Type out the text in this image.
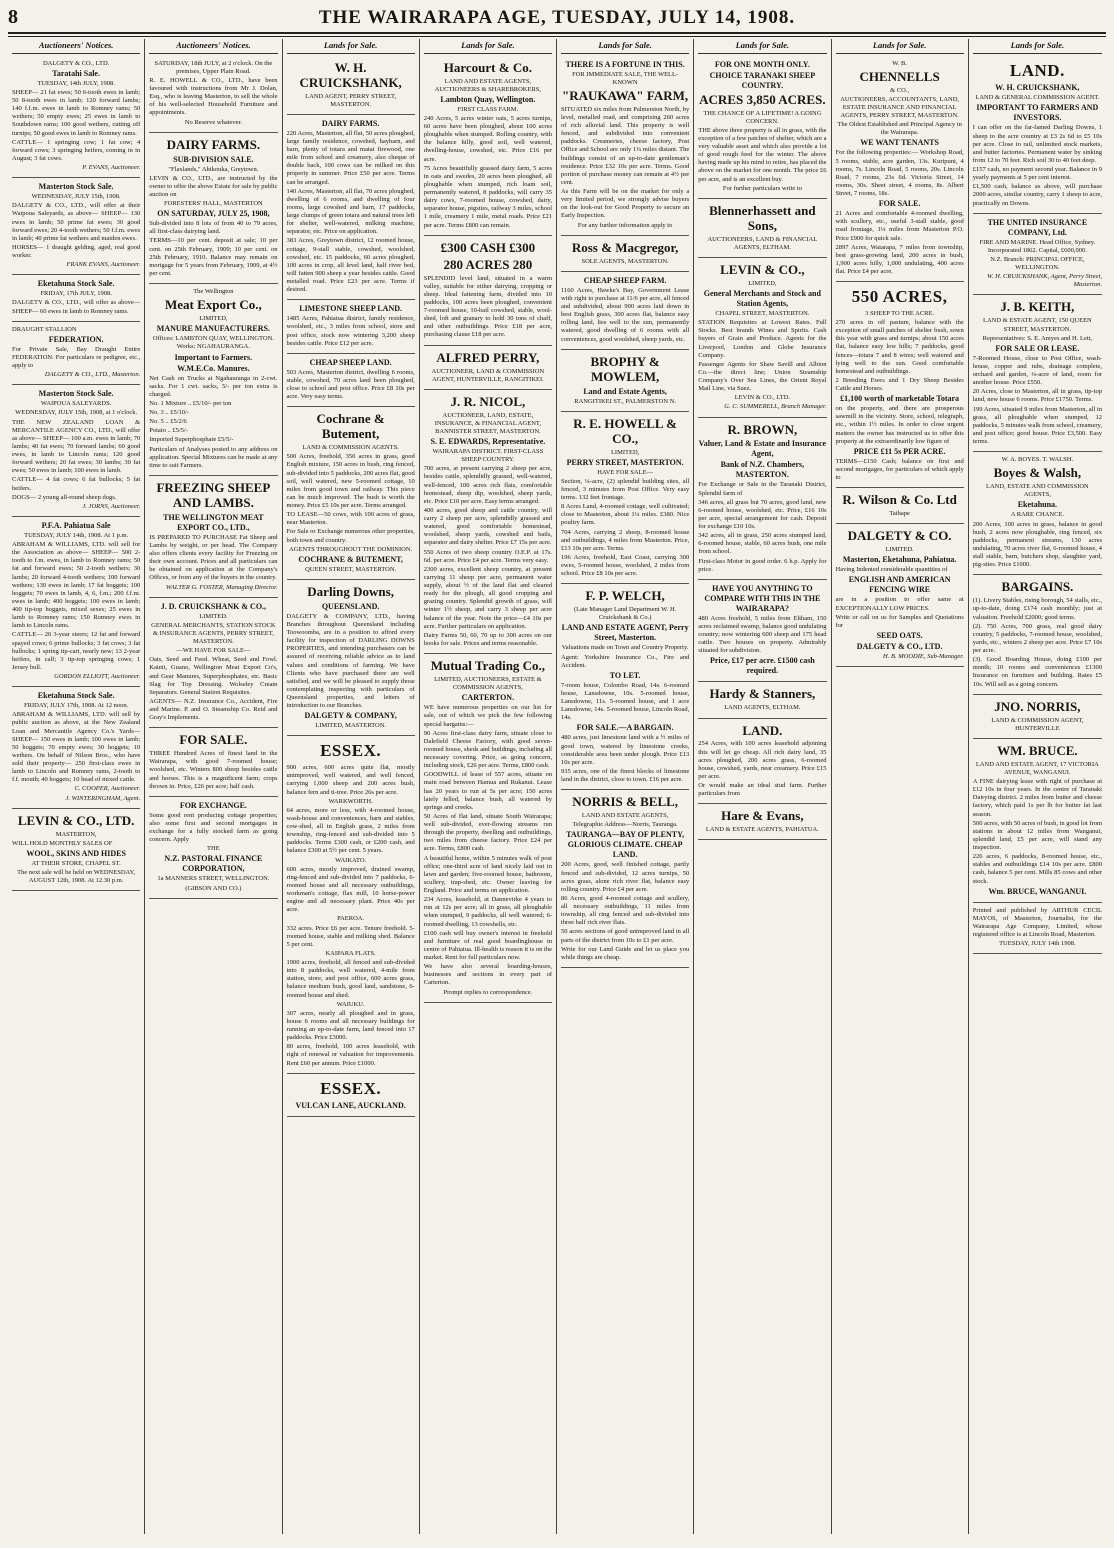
8	THE WAIRARAPA AGE, TUESDAY, JULY 14, 1908.
Auctioneers' Notices.
DALGETY & CO., LTD.
Taratahi Sale.
TUESDAY, 14th JULY, 1908.
SHEEP— 21 fat ewes; 50 6-tooth ewes in lamb; 50 8-tooth ewes in lamb; 120 forward lambs; 140 f.f.m. ewes in lamb to Romney rams; 50 wethers; 50 empty ewes; 25 ewes in lamb to Southdown rams; 100 good wethers, cutting off turnips; 50 good ewes in lamb to Romney rams.
CATTLE— 1 springing cow; 1 fat cow; 4 forward cows; 3 springing heifers, coming in in August; 3 fat cows.
P. EVANS, Auctioneer.
Masterton Stock Sale.
WEDNESDAY, JULY 15th, 1908.
DALGETY & CO., LTD., will offer at their Waipoua Saleyards, as above— SHEEP— 130 ewes in lamb; 50 prime fat ewes; 30 good forward ewes; 20 4-tooth wethers; 50 f.f.m. ewes in lamb; 40 prime fat wethers and maiden ewes.
HORSES— 1 draught gelding, aged, real good worker.
FRANK EVANS, Auctioneer.
Eketahuna Stock Sale.
FRIDAY, 17th JULY, 1908.
DALGETY & CO., LTD., will offer as above— SHEEP— 60 ewes in lamb to Romney rams.
DRAUGHT STALLION
FEDERATION.
For Private Sale, Bay Draught Entire FEDERATION. For particulars re pedigree, etc., apply to
DALGETY & CO., LTD., Masterton.
Masterton Stock Sale.
WAIPOUA SALEYARDS.
WEDNESDAY, JULY 15th, 1908, at 1 o'clock.
THE NEW ZEALAND LOAN & MERCANTILE AGENCY CO., LTD., will offer as above— SHEEP— 100 a.m. ewes in lamb; 70 lambs; 40 fat ewes; 70 forward lambs; 60 good ewes, in lamb to Lincoln rams; 120 good forward wethers; 20 fat ewes; 30 lambs; 30 fat ewes; 50 ewes in lamb; 100 ewes in lamb.
CATTLE— 4 fat cows; 6 fat bullocks; 5 fat heifers.
DOGS— 2 young all-round sheep dogs.
J. JORNS, Auctioneer.
P.F.A. Pahiatua Sale
TUESDAY, JULY 14th, 1908. At 1 p.m.
ABRAHAM & WILLIAMS, LTD. will sell for the Association as above— SHEEP— 500 2-tooth to f.m. ewes, in lamb to Romney rams; 50 fat and forward ewes; 50 2-tooth wethers; 30 lambs; 20 forward 4-tooth wethers; 100 forward wethers; 130 ewes in lamb; 17 fat hoggets; 100 hoggets; 70 ewes in lamb, 4, 6, f.m.; 200 f.f.m. ewes in lamb; 400 hoggets; 100 ewes in lamb; 400 tip-top hoggets, mixed sexes; 25 ewes in lamb to Romney rams; 150 Romney ewes in lamb to Lincoln rams.
CATTLE— 20 3-year steers; 12 fat and forward spayed cows; 6 prime bullocks; 3 fat cows; 3 fat bullocks; 1 spring tip-cart, nearly new; 13 2-year heifers, in calf; 3 tip-top springing cows; 1 Jersey bull.
GORDON ELLIOTT, Auctioneer.
Eketahuna Stock Sale.
FRIDAY, JULY 17th, 1908. At 12 noon.
ABRAHAM & WILLIAMS, LTD. will sell by public auction as above, at the New Zealand Loan and Mercantile Agency Co.'s Yards— SHEEP— 150 ewes in lamb; 100 ewes in lamb; 50 hoggets; 70 empty ewes; 30 hoggets; 10 wethers. On behalf of Nilson Bros., who have sold their property— 250 first-class ewes in lamb to Lincoln and Romney rams, 2-tooth to f.f. mouth; 40 hoggets; 10 head of mixed cattle.
C. COOPER, Auctioneer.
J. WINTERINGHAM, Agent.
LEVIN & CO., LTD.
MASTERTON,
WILL HOLD MONTHLY SALES OF
WOOL, SKINS AND HIDES
AT THEIR STORE, CHAPEL ST.
The next sale will be held on WEDNESDAY, AUGUST 12th, 1908. At 12.30 p.m.
Auctioneers' Notices.
SATURDAY, 18th JULY, at 2 o'clock. On the premises, Upper Plain Road.
R. E. HOWELL & CO., LTD., have been favoured with instructions from Mr J. Dolan, Esq., who is leaving Masterton, to sell the whole of his well-selected Household Furniture and appointments.
No Reserve whatever.
DAIRY FARMS.
SUB-DIVISION SALE.
"Flaxlands," Ahikouka, Greytown.
LEVIN & CO., LTD., are instructed by the owner to offer the above Estate for sale by public auction on
FORESTERS' HALL, MASTERTON
ON SATURDAY, JULY 25, 1908,
Sub-divided into 8 lots of from 40 to 79 acres, all first-class dairying land.
TERMS—10 per cent. deposit at sale; 10 per cent. on 25th February, 1909; 10 per cent. on 25th February, 1910. Balance may remain on mortgage for 5 years from February, 1909, at 4½ per cent.
The Wellington
Meat Export Co.,
LIMITED,
MANURE MANUFACTURERS.
Offices: LAMBTON QUAY, WELLINGTON. Works: NGAHAURANGA.
Important to Farmers.
W.M.E.Co. Manures.
Net Cash on Trucks at Ngahauranga in 2-cwt. sacks. For 1 cwt. sacks, 5/- per ton extra is charged.
No. 1 Mixture .. £5/10/- per ton
No. 3 .. £5/10/-
No. 5 .. £5/2/6
Potato .. £5/5/-
Imported Superphosphate £5/5/-
Particulars of Analyses posted to any address on application. Special Mixtures can be made at any time to suit Farmers.
FREEZING SHEEP AND LAMBS.
THE WELLINGTON MEAT EXPORT CO., LTD.,
IS PREPARED TO PURCHASE Fat Sheep and Lambs by weight, or per head. The Company also offers clients every facility for Freezing on their own account. Prices and all particulars can be obtained on application at the Company's Offices, or from any of the buyers in the country.
WALTER G. FOSTER, Managing Director.
J. D. CRUICKSHANK & CO.,
LIMITED.
GENERAL MERCHANTS, STATION STOCK & INSURANCE AGENTS, PERRY STREET, MASTERTON.
—WE HAVE FOR SALE—
Oats, Seed and Feed. Wheat, Seed and Fowl. Kainit, Guano, Wellington Meat Export Co's, and Gear Manures, Superphosphates, etc. Basic Slag for Top Dressing. Wolseley Cream Separators. General Station Requisites.
AGENTS— N.Z. Insurance Co., Accident, Fire and Marine. P. and O. Steamship Co. Reid and Gray's Implements.
FOR SALE.
THREE Hundred Acres of finest land in the Wairarapa, with good 7-roomed house; woolshed, etc. Winters 800 sheep besides cattle and horses. This is a magnificent farm; crops thrown in. Price, £26 per acre; half cash.
FOR EXCHANGE.
Some good rent producing cottage properties; also some first and second mortgages in exchange for a fully stocked farm as going concern. Apply
THE
N.Z. PASTORAL FINANCE CORPORATION,
1a MANNERS STREET, WELLINGTON.
(GIBSON AND CO.)
Lands for Sale.
W. H. CRUICKSHANK,
LAND AGENT, PERRY STREET, MASTERTON.
DAIRY FARMS.
220 Acres, Masterton, all flat, 50 acres ploughed, large family residence, cowshed, haybarn, and barn, plenty of totara and matai firewood, one mile from school and creamery, also cheque of double back, 100 cows can be milked on this property in summer. Price £50 per acre. Terms can be arranged.
140 Acres, Masterton, all flat, 70 acres ploughed, dwelling of 6 rooms, and dwelling of four rooms, large cowshed and barn, 17 paddocks, large clumps of green totara and natural trees left for shelter, well-watered, milking machine, separator, etc. Price on application.
383 Acres, Greytown district, 12 roomed house, cottage, 9-stall stable, cowshed, woolshed, cowshed, etc. 15 paddocks, 60 acres ploughed, 100 acres in crop, all level land, half river bed, will fatten 900 sheep a year besides cattle. Good metalled road. Price £23 per acre. Terms if desired.
LIMESTONE SHEEP LAND.
1485 Acres, Pahiatua district, family residence, woolshed, etc., 3 miles from school, store and post office, stock now wintering 3,200 sheep besides cattle. Price £12 per acre.
CHEAP SHEEP LAND.
503 Acres, Masterton district, dwelling 6 rooms, stable, cowshed, 70 acres land been ploughed, close to school and post office. Price £8 10s per acre. Very easy terms.
Cochrane & Butement,
LAND & COMMISSION AGENTS.
500 Acres, freehold, 350 acres in grass, good English mixture, 150 acres in bush, ring fenced, sub-divided into 5 paddocks, 200 acres flat, good soil, well watered, new 5-roomed cottage, 10 miles from good town and railway. This piece can be much improved. The bush is worth the money. Price £5 10s per acre. Terms arranged.
TO LEASE—50 cows, with 100 acres of grass, near Masterton.
For Sale or Exchange numerous other properties, both town and country.
AGENTS THROUGHOUT THE DOMINION.
COCHRANE & BUTEMENT,
QUEEN STREET, MASTERTON.
Darling Downs,
QUEENSLAND.
DALGETY & COMPANY, LTD., having Branches throughout Queensland including Toowoomba, are in a position to afford every facility for inspection of DARLING DOWNS PROPERTIES, and intending purchasers can be assured of receiving reliable advice as to land values and conditions of farming. We have Clients who have purchased there are well satisfied, and we will be pleased to supply those contemplating inspecting with particulars of Queensland properties, and letters of introduction to our Branches.
DALGETY & COMPANY,
LIMITED, MASTERTON.
ESSEX.
900 acres, 600 acres quite flat, mostly unimproved, well watered, and well fenced, carrying 1,000 sheep and 200 acres bush, balance fern and ti-tree. Price 26s per acre.
WARKWORTH.
64 acres, more or less, with 4-roomed house, wash-house and conveniences, barn and stables, cow-shed, all in English grass, 2 miles from township, ring-fenced and sub-divided into 5 paddocks. Terms £300 cash, or £200 cash, and balance £300 at 5½ per cent. 5 years.
WAIKATO.
600 acres, mostly improved, drained swamp, ring-fenced and sub-divided into 7 paddocks, 6-roomed house and all necessary outbuildings, workman's cottage, flax mill, 10 horse-power engine and all necessary plant. Price 40s per acre.
PAEROA.
332 acres. Price £6 per acre. Tenure freehold. 5-roomed house, stable and milking shed. Balance 5 per cent.
KAIPARA FLATS.
1900 acres, freehold, all fenced and sub-divided into 8 paddocks, well watered, 4-mile from station, store, and post office, 600 acres grass, balance medium bush, good land, sandstone, 6-roomed house and shed.
WAIUKU.
307 acres, nearly all ploughed and in grass, house 6 rooms and all necessary buildings for running an up-to-date farm, land fenced into 17 paddocks. Price £3000.
80 acres, freehold, 100 acres leasehold, with right of renewal or valuation for improvements. Rent £60 per annum. Price £1000.
ESSEX.
VULCAN LANE, AUCKLAND.
Lands for Sale.
Harcourt & Co.
LAND AND ESTATE AGENTS, AUCTIONEERS & SHAREBROKERS,
Lambton Quay, Wellington.
FIRST CLASS FARM.
240 Acres, 5 acres winter oats, 5 acres turnips, 60 acres have been ploughed, about 100 acres ploughable when stumped. Rolling country, with the balance hilly, good soil, well watered, dwelling-house, cowshed, etc. Price £16 per acre.
75 Acres beautifully grassed dairy farm, 5 acres in oats and swedes, 20 acres been ploughed, all ploughable when stumped, rich loam soil, permanently watered, 8 paddocks, will carry 35 dairy cows, 7-roomed house, cowshed, dairy, separator house, pigsties, railway 3 miles, school 1 mile, creamery 1 mile, metal roads. Price £21 per acre. Terms £800 can remain.
£300 CASH £300
280 ACRES 280
SPLENDID level land, situated in a warm valley, suitable for either dairying, cropping or sheep. Ideal fattening farm, divided into 10 paddocks, 100 acres been ploughed, convenient 7-roomed house, 10-bail cowshed, stable, wool-shed, loft and granary to hold 30 tons of chaff, and other outbuildings. Price £18 per acre, purchasing clause £18 per acre.
ALFRED PERRY,
AUCTIONEER, LAND & COMMISSION AGENT, HUNTERVILLE, RANGITIKEI.
J. R. NICOL,
AUCTIONEER, LAND, ESTATE, INSURANCE, & FINANCIAL AGENT, BANNISTER STREET, MASTERTON.
S. E. EDWARDS, Representative.
WAIRARAPA DISTRICT. FIRST-CLASS SHEEP COUNTRY.
700 acres, at present carrying 2 sheep per acre, besides cattle, splendidly grassed, well-watered, well-fenced, 100 acres rich flats, comfortable homestead, sheep dip, woolshed, sheep yards, etc. Price £10 per acre. Easy terms arranged.
400 acres, good sheep and cattle country, will carry 2 sheep per acre, splendidly grassed and watered, good comfortable homestead, woolshed, sheep yards, cowshed and bails, separator and dairy shelter. Price £7 15s per acre.
550 Acres of two sheep country O.E.P. at 17s. 6d. per acre. Price £4 per acre. Terms very easy.
2300 acres, excellent sheep country, at present carrying 11 sheep per acre, permanent water supply, about ½ of the land flat and cleared ready for the plough, all good cropping and grazing country. Splendid growth of grass, will winter 1½ sheep, and carry 3 sheep per acre balance of the year. Note the price—£4 10s per acre. Further particulars on application.
Dairy Farms 50, 60, 70 up to 300 acres on our books for sale. Prices and terms reasonable.
Mutual Trading Co.,
LIMITED, AUCTIONEERS, ESTATE & COMMISSION AGENTS,
CARTERTON.
WE have numerous properties on our list for sale, out of which we pick the few following special bargains:—
90 Acres first-class dairy farm, situate close to Dalefield Cheese Factory, with good seven-roomed house, sheds and buildings, including all necessary covering. Price, as going concern, including stock, £26 per acre. Terms, £800 cash.
GOODWILL of lease of 557 acres, situate on main road between Hamua and Rukanui. Lease has 20 years to run at 5s per acre; 150 acres lately felled, balance bush, all watered by springs and creeks.
50 Acres of flat land, situate South Wairarapa; well sub-divided, ever-flowing streams run through the property, dwelling and outbuildings, two miles from cheese factory. Price £24 per acre. Terms, £800 cash.
A beautiful home, within 5 minutes walk of post office; one-third acre of land nicely laid out in lawn and garden; five-roomed house, bathroom, scullery, trap-shed, etc. Owner leaving for England. Price and terms on application.
234 Acres, leasehold, at Dannevirke 4 years to run at 12s per acre; all in grass, all ploughable when stumped, 9 paddocks, all well watered; 6-roomed dwelling, 13 cowshells, etc.
£100 cash will buy owner's interest in freehold and furniture of real good boardinghouse in centre of Pahiatua. Ill-health is reason it is on the market. Rent for full particulars now.
We have also several boarding-houses, businesses and sections in every part of Carterton.
Prompt replies to correspondence.
Lands for Sale.
THERE IS A FORTUNE IN THIS.
FOR IMMEDIATE SALE, THE WELL-KNOWN
"RAUKAWA" FARM,
SITUATED six miles from Palmerston North, by level, metalled road, and comprising 260 acres of rich alluvial land. This property is well fenced, and subdivided into convenient paddocks. Creameries, cheese factory, Post Office and School are only 1¼ miles distant. The buildings consist of an up-to-date gentleman's residence. Price £32 10s per acre. Terms. Good portion of purchase money can remain at 4½ per cent.
As this Farm will be on the market for only a very limited period, we strongly advise buyers on the look-out for Good Property to secure an Early Inspection.
For any further information apply to
Ross & Macgregor,
SOLE AGENTS, MASTERTON.
CHEAP SHEEP FARM.
1160 Acres, Hawke's Bay, Government Lease with right to purchase at 11/6 per acre, all fenced and subdivided, about 900 acres laid down in best English grass, 300 acres flat, balance easy rolling land, lies well to the sun, permanently watered, good dwelling of 6 rooms with all conveniences, good woolshed, sheep yards, etc.
BROPHY & MOWLEM,
Land and Estate Agents,
RANGITIKEI ST., PALMERSTON N.
R. E. HOWELL & CO.,
LIMITED,
PERRY STREET, MASTERTON.
HAVE FOR SALE—
Section, ¼-acre, (2) splendid building sites, all fenced, 3 minutes from Post Office. Very easy terms. 132 feet frontage.
8 Acres Land, 4-roomed cottage, well cultivated; close to Masterton, about 1¼ miles. £380. Nice poultry farm.
704 Acres, carrying 2 sheep, 8-roomed house and outbuildings, 4 miles from Masterton. Price, £13 10s per acre. Terms.
196 Acres, freehold, East Coast, carrying 300 ewes, 5-roomed house, woolshed, 2 miles from school. Price £8 10s per acre.
F. P. WELCH,
(Late Manager Land Department W. H. Cruickshank & Co.)
LAND AND ESTATE AGENT, Perry Street, Masterton.
Valuations made on Town and Country Property.
Agent: Yorkshire Insurance Co., Fire and Accident.
TO LET.
7-room house, Colombo Road, 14s. 6-roomed house, Lansdowne, 10s. 5-roomed house, Lansdowne, 11s. 5-roomed house, and 1 acre Lansdowne, 14s. 5-roomed house, Lincoln Road, 14s.
FOR SALE.—A BARGAIN.
480 acres, just limestone land with a ½ miles of good town, watered by limestone creeks, considerable area been under plough. Price £13 10s per acre.
935 acres, one of the finest blocks of limestone land in the district, close to town. £16 per acre.
NORRIS & BELL,
LAND AND ESTATE AGENTS,
Telegraphic Address—Norris, Tauranga.
TAURANGA—BAY OF PLENTY, GLORIOUS CLIMATE. CHEAP LAND.
200 Acres, good, well finished cottage, partly fenced and sub-divided, 12 acres turnips, 50 acres grass, alone rich river flat, balance easy rolling country. Price £4 per acre.
86 Acres, good 4-roomed cottage and scullery, all necessary outbuildings, 11 miles from township, all ring fenced and sub-divided into three half rich river flats.
50 acres sections of good unimproved land in all parts of the district from 10s to £1 per acre.
Write for our Land Guide and let us place you while things are cheap.
Lands for Sale.
FOR ONE MONTH ONLY.
CHOICE TARANAKI SHEEP COUNTRY.
ACRES 3,850 ACRES.
THE CHANCE OF A LIFETIME! A GOING CONCERN.
THE above three property is all in grass, with the exception of a few patches of shelter, which are a very valuable asset and which also provide a lot of good rough feed for the winter. The above having made up his mind to retire, has placed the above on the market for one month. The price £6 per acre, and is an excellent buy.
For further particulars write to
Blennerhassett and Sons,
AUCTIONEERS, LAND & FINANCIAL AGENTS, ELTHAM.
LEVIN & CO.,
LIMITED,
General Merchants and Stock and Station Agents,
CHAPEL STREET, MASTERTON.
STATION Requisites at Lowest Rates. Full Stocks. Best brands Wines and Spirits. Cash buyers of Grain and Produce. Agents for the Liverpool, London and Globe Insurance Company.
Passenger Agents for Shaw Savill and Albion Co.—the direct line; Union Steamship Company's Over Sea Lines, the Orient Royal Mail Line, via Suez.
LEVIN & CO., LTD.
G. C. SUMMERELL, Branch Manager.
R. BROWN,
Valuer, Land & Estate and Insurance Agent,
Bank of N.Z. Chambers, MASTERTON.
For Exchange or Sale in the Taranaki District, Splendid farm of
346 acres, all grass but 70 acres, good land, new 6-roomed house, woolshed, etc. Price, £16 10s per acre, special arrangement for cash. Deposit for exchange £10 10s.
342 acres, all in grass, 250 acres stumped land, 6-roomed house, stable, 60 acres bush, one mile from school.
First-class Motor in good order. 6 h.p. Apply for price.
HAVE YOU ANYTHING TO COMPARE WITH THIS IN THE WAIRARAPA?
480 Acres freehold, 5 miles from Eltham, 150 acres reclaimed swamp, balance good undulating country; now wintering 600 sheep and 175 head cattle. Two houses on property. Admirably situated for subdivision.
Price, £17 per acre. £1500 cash required.
Hardy & Stanners,
LAND AGENTS, ELTHAM.
LAND.
254 Acres, with 100 acres leasehold adjoining this will let go cheap. All rich dairy land, 35 acres ploughed, 200 acres grass, 6-roomed house, cowshed, yards, near creamery. Price £15 per acre.
Or would make an ideal stud farm. Further particulars from
Hare & Evans,
LAND & ESTATE AGENTS, PAHIATUA.
Lands for Sale.
W. B.
CHENNELLS
& CO.,
AUCTIONEERS, ACCOUNTANTS, LAND, ESTATE INSURANCE AND FINANCIAL AGENTS, PERRY STREET, MASTERTON.
The Oldest Established and Principal Agency in the Wairarapa.
WE WANT TENANTS
For the following properties:— Workshop Road, 5 rooms, stable, acre garden, 13s. Kuripuni, 4 rooms, 7s. Lincoln Road, 5 rooms, 20s. Lincoln Road, 7 rooms, 23s 6d. Victoria Street, 14 rooms, 30s. Sheet street, 4 rooms, 8s. Albert Street, 7 rooms, 18s.
FOR SALE.
21 Acres and comfortable 4-roomed dwelling, with scullery, etc., useful 3-stall stable, good road frontage, 1¼ miles from Masterton P.O. Price £900 for quick sale.
2897 Acres, Waiarapa, 7 miles from township, best grass-growing land, 200 acres in bush, 1,900 acres hilly, 1,000 undulating, 400 acres flat. Price £4 per acre.
550 ACRES,
3 SHEEP TO THE ACRE.
270 acres in off pasture, balance with the exception of small patches of shelter bush, sown this year with grass and turnips; about 150 acres flat, balance easy low hills; 7 paddocks, good fences—totara 7 and 8 wires; well watered and lying well to the sun. Good comfortable homestead and outbuildings.
2 Breeding Ewes and 1 Dry Sheep Besides Cattle and Horses.
£1,100 worth of marketable Totara
on the property, and there are prosperous sawmill in the vicinity. Store, school, telegraph, etc., within 1½ miles. In order to close urgent matters the owner has instructed us to offer this property at the extraordinarily low figure of
PRICE £11 5s PER ACRE.
TERMS—£150 Cash; balance on first and second mortgages, for particulars of which apply to
R. Wilson & Co. Ltd
Taihape
DALGETY & CO.
LIMITED.
Masterton, Eketahuna, Pahiatua.
Having Indented considerable quantities of
ENGLISH AND AMERICAN FENCING WIRE
are in a position to offer same at EXCEPTIONALLY LOW PRICES.
Write or call on us for Samples and Quotations for
SEED OATS.
DALGETY & CO., LTD.
H. B. MOODIE, Sub-Manager.
Lands for Sale.
LAND.
W. H. CRUICKSHANK,
LAND & GENERAL COMMISSION AGENT.
IMPORTANT TO FARMERS AND INVESTORS.
I can offer on the far-famed Darling Downs, 1 sheep to the acre country at £3 2s 6d to £5 10s per acre. Close to rail, unlimited stock markets, and butter factories. Permanent water by sinking from 12 to 70 feet. Rich soil 30 to 40 feet deep.
£157 cash, no payment second year. Balance in 9 yearly payments at 5 per cent interest.
£1,500 cash, balance as above, will purchase 2000 acres, similar country, carry 1 sheep to acre, practically on Downs.
THE UNITED INSURANCE COMPANY, Ltd.
FIRE AND MARINE. Head Office, Sydney. Incorporated 1862. Capital, £600,000.
N.Z. Branch: PRINCIPAL OFFICE, WELLINGTON.
W. H. CRUICKSHANK, Agent, Perry Street, Masterton.
J. B. KEITH,
LAND & ESTATE AGENT, 150 QUEEN STREET, MASTERTON.
Representatives: S. E. Amyes and H. Lett,
FOR SALE OR LEASE.
7-Roomed House, close to Post Office, wash-house, copper and tubs, drainage complete, orchard and garden, ¼-acre of land, room for another house. Price £550.
20 Acres, close to Masterton, all in grass, tip-top land, new house 6 rooms. Price £1750. Terms.
199 Acres, situated 9 miles from Masterton, all in grass, all ploughable when stumped, 12 paddocks, 5 minutes walk from school, creamery, and post office; good house. Price £3,500. Easy terms.
W. A. BOYES. T. WALSH.
Boyes & Walsh,
LAND, ESTATE AND COMMISSION AGENTS,
Eketahuna.
A RARE CHANCE.
200 Acres, 100 acres in grass, balance in good bush, 2 acres now ploughable, ring fenced, six paddocks, permanent streams, 130 acres undulating, 70 acres river flat, 6-roomed house, 4 stall stable, barn, butchers shop, slaughter yard, pig-sties. Price £1000.
BARGAINS.
(1). Livery Stables, rising borough, 54 stalls, etc., up-to-date, doing £174 cash monthly; just at valuation. Freehold £2000; good terms.
(2). 750 Acres, 700 grass, real good dairy country, 5 paddocks, 7-roomed house, woolshed, yards, etc., winters 2 sheep per acre. Price £7 10s per acre.
(3). Good Boarding House, doing £100 per month; 10 rooms and conveniences £1300 Insurance on furniture and building. Rates £5 10s. Will sell as a going concern.
JNO. NORRIS,
LAND & COMMISSION AGENT, HUNTERVILLE
WM. BRUCE.
LAND AND ESTATE AGENT, 17 VICTORIA AVENUE, WANGANUI.
A FINE dairying lease with right of purchase at £12 10s in four years. In the centre of Taranaki Dairying district. 2 miles from butter and cheese factory, which paid 1s per lb for butter fat last season.
500 acres, with 50 acres of bush, in good lot from stations in about 12 miles from Wanganui, splendid land, £5 per acre, will stand any inspection.
226 acres, 6 paddocks, 8-roomed house, etc., stables and outbuildings £14 10s per acre. £800 cash, balance 5 per cent. Mills 85 cows and other stock.
Wm. BRUCE, WANGANUI.
Printed and published by ARTHUR CECIL MAYOS, of Masterton, Journalist, for the Wairarapa Age Company, Limited, whose registered office is at Lincoln Road, Masterton.
TUESDAY, JULY 14th 1908.
